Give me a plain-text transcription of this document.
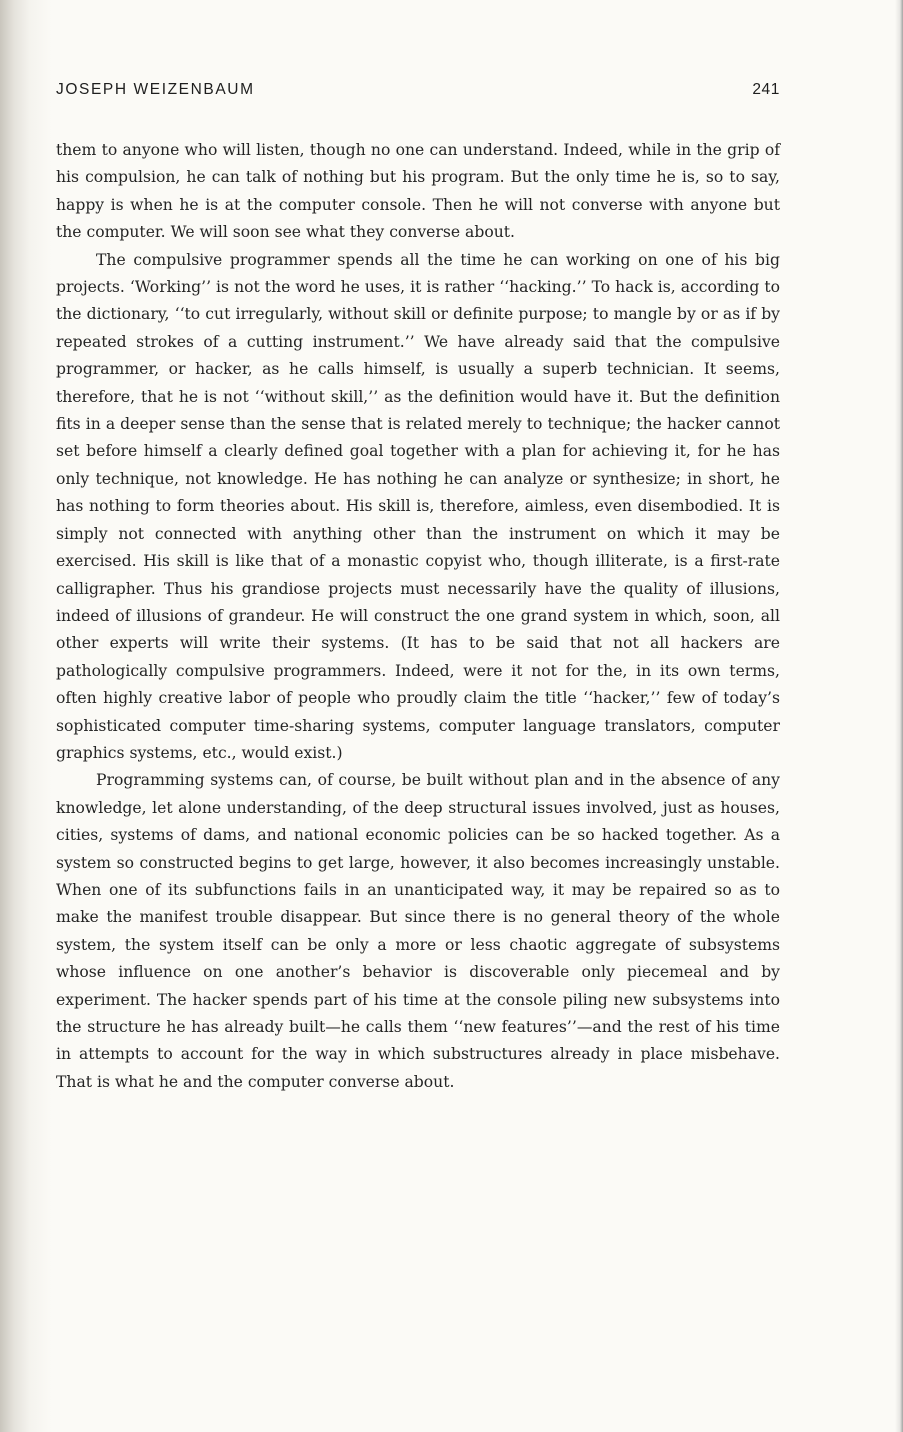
JOSEPH WEIZENBAUM	241

them to anyone who will listen, though no one can understand. Indeed, while in the grip of his compulsion, he can talk of nothing but his program. But the only time he is, so to say, happy is when he is at the computer console. Then he will not converse with anyone but the computer. We will soon see what they converse about.

The compulsive programmer spends all the time he can working on one of his big projects. ‘Working’’ is not the word he uses, it is rather ‘‘hacking.’’ To hack is, according to the dictionary, ‘‘to cut irregularly, without skill or definite purpose; to mangle by or as if by repeated strokes of a cutting instrument.’’ We have already said that the compulsive programmer, or hacker, as he calls himself, is usually a superb technician. It seems, therefore, that he is not ‘‘without skill,’’ as the definition would have it. But the definition fits in a deeper sense than the sense that is related merely to technique; the hacker cannot set before himself a clearly defined goal together with a plan for achieving it, for he has only technique, not knowledge. He has nothing he can analyze or synthesize; in short, he has nothing to form theories about. His skill is, therefore, aimless, even disembodied. It is simply not connected with anything other than the instrument on which it may be exercised. His skill is like that of a monastic copyist who, though illiterate, is a first-rate calligrapher. Thus his grandiose projects must necessarily have the quality of illusions, indeed of illusions of grandeur. He will construct the one grand system in which, soon, all other experts will write their systems. (It has to be said that not all hackers are pathologically compulsive programmers. Indeed, were it not for the, in its own terms, often highly creative labor of people who proudly claim the title ‘‘hacker,’’ few of today’s sophisticated computer time-sharing systems, computer language translators, computer graphics systems, etc., would exist.)

Programming systems can, of course, be built without plan and in the absence of any knowledge, let alone understanding, of the deep structural issues involved, just as houses, cities, systems of dams, and national economic policies can be so hacked together. As a system so constructed begins to get large, however, it also becomes increasingly unstable. When one of its subfunctions fails in an unanticipated way, it may be repaired so as to make the manifest trouble disappear. But since there is no general theory of the whole system, the system itself can be only a more or less chaotic aggregate of subsystems whose influence on one another’s behavior is discoverable only piecemeal and by experiment. The hacker spends part of his time at the console piling new subsystems into the structure he has already built—he calls them ‘‘new features’’—and the rest of his time in attempts to account for the way in which substructures already in place misbehave. That is what he and the computer converse about.
